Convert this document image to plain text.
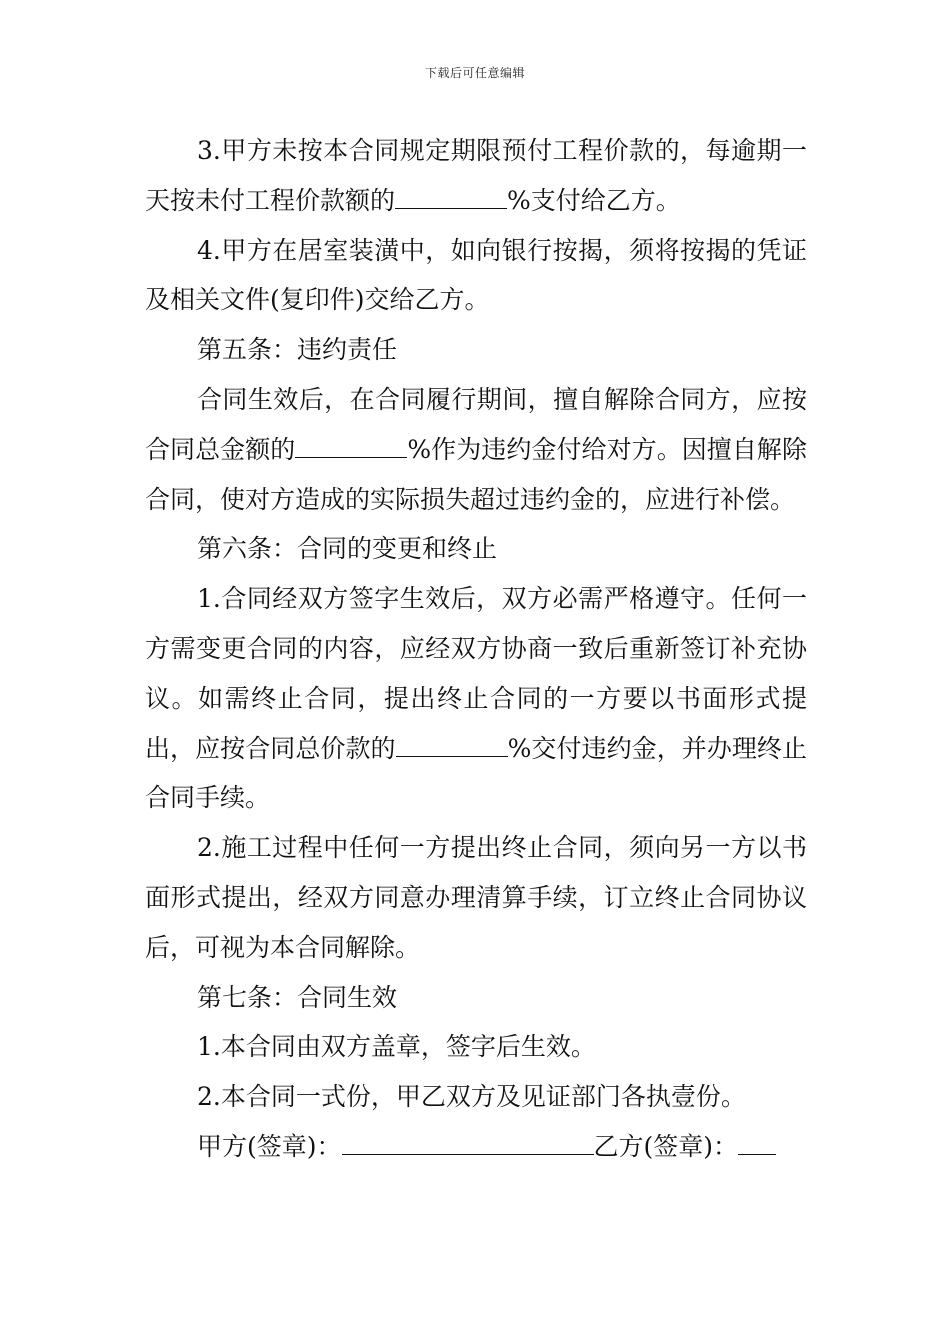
下载后可任意编辑

3.甲方未按本合同规定期限预付工程价款的，每逾期一天按未付工程价款额的	%支付给乙方。

4.甲方在居室装潢中，如向银行按揭，须将按揭的凭证及相关文件(复印件)交给乙方。

第五条：违约责任

合同生效后，在合同履行期间，擅自解除合同方，应按合同总金额的	%作为违约金付给对方。因擅自解除合同，使对方造成的实际损失超过违约金的，应进行补偿。

第六条：合同的变更和终止

1.合同经双方签字生效后，双方必需严格遵守。任何一方需变更合同的内容，应经双方协商一致后重新签订补充协议。如需终止合同，提出终止合同的一方要以书面形式提出，应按合同总价款的	%交付违约金，并办理终止合同手续。

2.施工过程中任何一方提出终止合同，须向另一方以书面形式提出，经双方同意办理清算手续，订立终止合同协议后，可视为本合同解除。

第七条：合同生效

1.本合同由双方盖章，签字后生效。

2.本合同一式份，甲乙双方及见证部门各执壹份。

甲方(签章)：	乙方(签章)：
